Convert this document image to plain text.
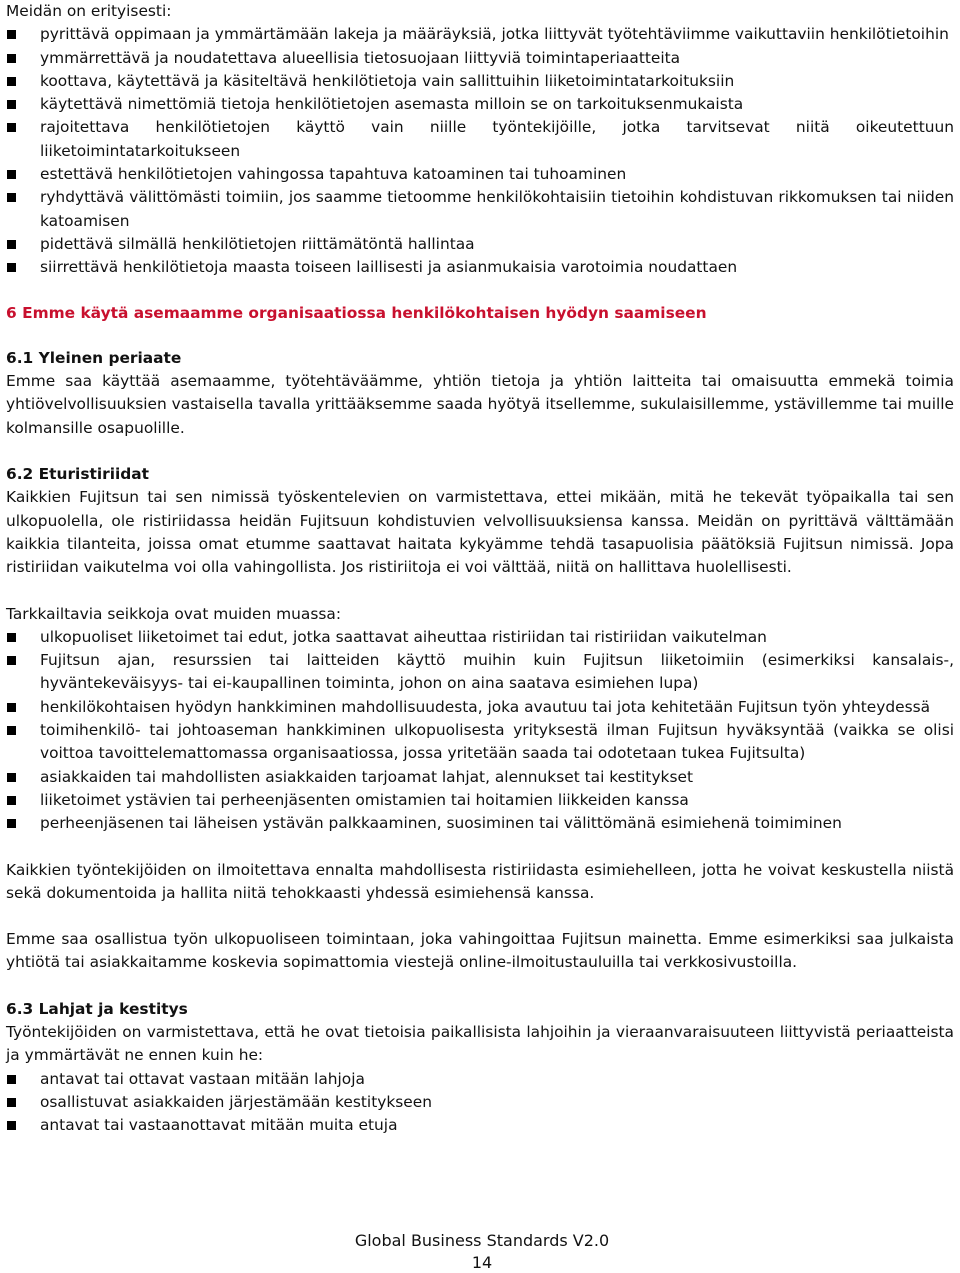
Meidän on erityisesti:

pyrittävä oppimaan ja ymmärtämään lakeja ja määräyksiä, jotka liittyvät työtehtäviimme vaikuttaviin henkilötietoihin
ymmärrettävä ja noudatettava alueellisia tietosuojaan liittyviä toimintaperiaatteita
koottava, käytettävä ja käsiteltävä henkilötietoja vain sallittuihin liiketoimintatarkoituksiin
käytettävä nimettömiä tietoja henkilötietojen asemasta milloin se on tarkoituksenmukaista
rajoitettava henkilötietojen käyttö vain niille työntekijöille, jotka tarvitsevat niitä oikeutettuun liiketoimintatarkoitukseen
estettävä henkilötietojen vahingossa tapahtuva katoaminen tai tuhoaminen
ryhdyttävä välittömästi toimiin, jos saamme tietoomme henkilökohtaisiin tietoihin kohdistuvan rikkomuksen tai niiden katoamisen
pidettävä silmällä henkilötietojen riittämätöntä hallintaa
siirrettävä henkilötietoja maasta toiseen laillisesti ja asianmukaisia varotoimia noudattaen

6 Emme käytä asemaamme organisaatiossa henkilökohtaisen hyödyn saamiseen

6.1 Yleinen periaate

Emme saa käyttää asemaamme, työtehtäväämme, yhtiön tietoja ja yhtiön laitteita tai omaisuutta emmekä toimia yhtiövelvollisuuksien vastaisella tavalla yrittääksemme saada hyötyä itsellemme, sukulaisillemme, ystävillemme tai muille kolmansille osapuolille.

6.2 Eturistiriidat

Kaikkien Fujitsun tai sen nimissä työskentelevien on varmistettava, ettei mikään, mitä he tekevät työpaikalla tai sen ulkopuolella, ole ristiriidassa heidän Fujitsuun kohdistuvien velvollisuuksiensa kanssa. Meidän on pyrittävä välttämään kaikkia tilanteita, joissa omat etumme saattavat haitata kykyämme tehdä tasapuolisia päätöksiä Fujitsun nimissä. Jopa ristiriidan vaikutelma voi olla vahingollista. Jos ristiriitoja ei voi välttää, niitä on hallittava huolellisesti.

Tarkkailtavia seikkoja ovat muiden muassa:

ulkopuoliset liiketoimet tai edut, jotka saattavat aiheuttaa ristiriidan tai ristiriidan vaikutelman
Fujitsun ajan, resurssien tai laitteiden käyttö muihin kuin Fujitsun liiketoimiin (esimerkiksi kansalais-, hyväntekeväisyys- tai ei-kaupallinen toiminta, johon on aina saatava esimiehen lupa)
henkilökohtaisen hyödyn hankkiminen mahdollisuudesta, joka avautuu tai jota kehitetään Fujitsun työn yhteydessä
toimihenkilö- tai johtoaseman hankkiminen ulkopuolisesta yrityksestä ilman Fujitsun hyväksyntää (vaikka se olisi voittoa tavoittelemattomassa organisaatiossa, jossa yritetään saada tai odotetaan tukea Fujitsulta)
asiakkaiden tai mahdollisten asiakkaiden tarjoamat lahjat, alennukset tai kestitykset
liiketoimet ystävien tai perheenjäsenten omistamien tai hoitamien liikkeiden kanssa
perheenjäsenen tai läheisen ystävän palkkaaminen, suosiminen tai välittömänä esimiehenä toimiminen

Kaikkien työntekijöiden on ilmoitettava ennalta mahdollisesta ristiriidasta esimiehelleen, jotta he voivat keskustella niistä sekä dokumentoida ja hallita niitä tehokkaasti yhdessä esimiehensä kanssa.

Emme saa osallistua työn ulkopuoliseen toimintaan, joka vahingoittaa Fujitsun mainetta. Emme esimerkiksi saa julkaista yhtiötä tai asiakkaitamme koskevia sopimattomia viestejä online-ilmoitustauluilla tai verkkosivustoilla.

6.3 Lahjat ja kestitys

Työntekijöiden on varmistettava, että he ovat tietoisia paikallisista lahjoihin ja vieraanvaraisuuteen liittyvistä periaatteista ja ymmärtävät ne ennen kuin he:

antavat tai ottavat vastaan mitään lahjoja
osallistuvat asiakkaiden järjestämään kestitykseen
antavat tai vastaanottavat mitään muita etuja
Global Business Standards V2.0
14
